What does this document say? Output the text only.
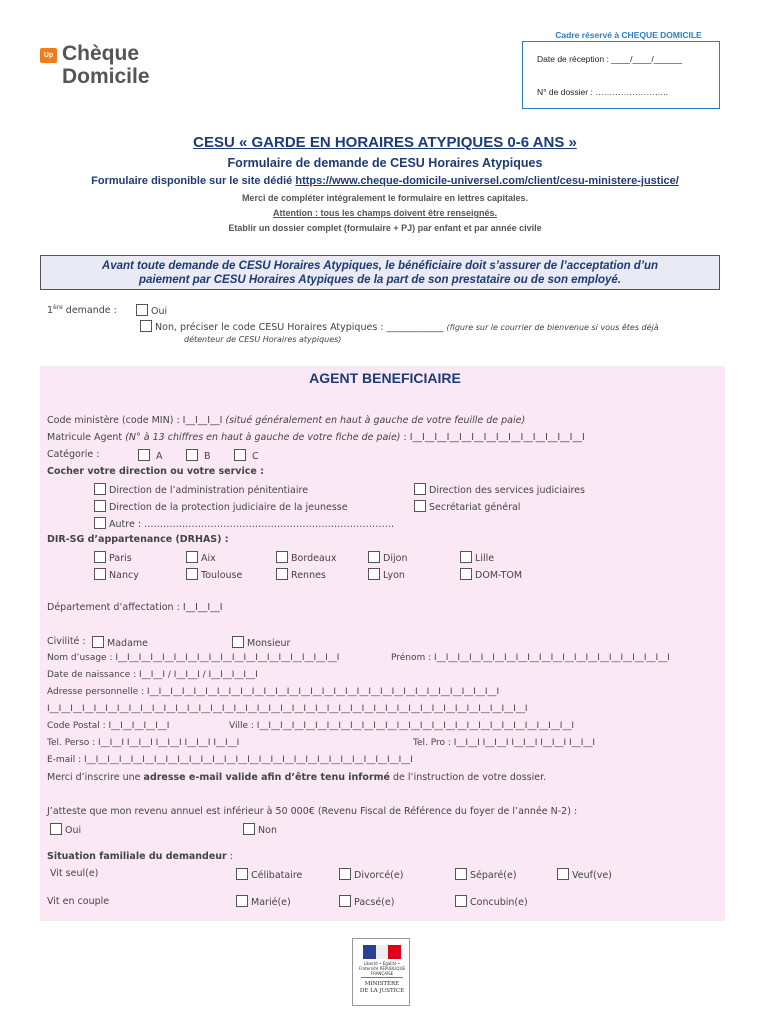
Up Chèque
Domicile
Cadre réservé à CHEQUE DOMICILE
Date de réception : ____/____/______
N° de dossier : ……………………..
CESU « GARDE EN HORAIRES ATYPIQUES 0-6 ANS »
Formulaire de demande de CESU Horaires Atypiques
Formulaire disponible sur le site dédié https://www.cheque-domicile-universel.com/client/cesu-ministere-justice/
Merci de compléter intégralement le formulaire en lettres capitales.
Attention : tous les champs doivent être renseignés.
Etablir un dossier complet (formulaire + PJ) par enfant et par année civile
Avant toute demande de CESU Horaires Atypiques, le bénéficiaire doit s’assurer de l’acceptation d’un
paiement par CESU Horaires Atypiques de la part de son prestataire ou de son employé.
1ère demande :	Oui
Non, préciser le code CESU Horaires Atypiques : ____________ (figure sur le courrier de bienvenue si vous êtes déjà
détenteur de CESU Horaires atypiques)
AGENT BENEFICIAIRE
Code ministère (code MIN) : I__I__I__I (situé généralement en haut à gauche de votre feuille de paie)
Matricule Agent (N° à 13 chiffres en haut à gauche de votre fiche de paie) : I__I__I__I__I__I__I__I__I__I__I__I__I__I__I
Catégorie :	A	B	C
Cocher votre direction ou votre service :
Direction de l’administration pénitentiaire	Direction des services judiciaires
Direction de la protection judiciaire de la jeunesse	Secrétariat général
Autre : …………………………………………………………………….
DIR-SG d’appartenance (DRHAS) :
Paris	Aix	Bordeaux	Dijon	Lille
Nancy	Toulouse	Rennes	Lyon	DOM-TOM
Département d’affectation : I__I__I__I
Civilité :	Madame	Monsieur
Nom d’usage : I__I__I__I__I__I__I__I__I__I__I__I__I__I__I__I__I__I__I__I	Prénom : I__I__I__I__I__I__I__I__I__I__I__I__I__I__I__I__I__I__I__I__I
Date de naissance : I__I__I / I__I__I / I__I__I__I__I
Adresse personnelle : I__I__I__I__I__I__I__I__I__I__I__I__I__I__I__I__I__I__I__I__I__I__I__I__I__I__I__I__I__I__I
I__I__I__I__I__I__I__I__I__I__I__I__I__I__I__I__I__I__I__I__I__I__I__I__I__I__I__I__I__I__I__I__I__I__I__I__I__I__I__I__I__I
Code Postal : I__I__I__I__I__I	Ville : I__I__I__I__I__I__I__I__I__I__I__I__I__I__I__I__I__I__I__I__I__I__I__I__I__I__I__I
Tel. Perso : I__I__I I__I__I I__I__I I__I__I I__I__I	Tel. Pro : I__I__I I__I__I I__I__I I__I__I I__I__I
E-mail : I__I__I__I__I__I__I__I__I__I__I__I__I__I__I__I__I__I__I__I__I__I__I__I__I__I__I__I__I
Merci d’inscrire une adresse e-mail valide afin d’être tenu informé de l’instruction de votre dossier.
J’atteste que mon revenu annuel est inférieur à 50 000€ (Revenu Fiscal de Référence du foyer de l’année N-2) :
Oui	Non
Situation familiale du demandeur :
Vit seul(e)	Célibataire	Divorcé(e)	Séparé(e)	Veuf(ve)
Vit en couple	Marié(e)	Pacsé(e)	Concubin(e)
Liberté • Égalité • Fraternité RÉPUBLIQUE FRANÇAISE
MINISTÈRE
DE LA JUSTICE
